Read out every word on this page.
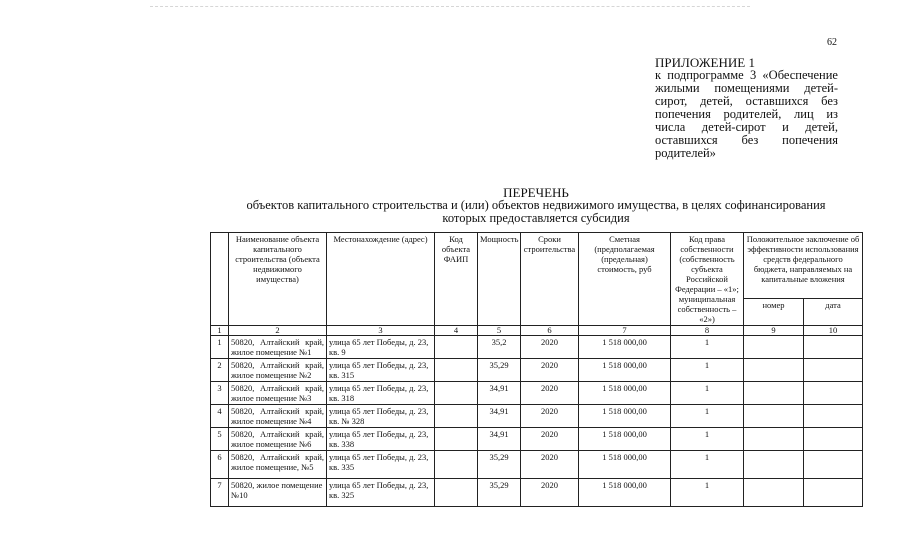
62

ПРИЛОЖЕНИЕ 1

к подпрограмме 3 «Обеспечение жилыми помещениями детей-сирот, детей, оставшихся без попечения родителей, лиц из числа детей-сирот и детей, оставшихся без попечения родителей»

ПЕРЕЧЕНЬ

объектов капитального строительства и (или) объектов недвижимого имущества, в целях софинансирования

которых предоставляется субсидия

	Наименование объекта капитального строительства (объекта недвижимого имущества)	Местонахождение (адрес)	Код объекта ФАИП	Мощность	Сроки строительства	Сметная (предполагаемая (предельная) стоимость, руб	Код права собственности (собственность субъекта Российской Федерации – «1»; муниципальная собственность – «2»)	Положительное заключение об эффективности использования средств федерального бюджета, направляемых на капитальные вложения	
								номер	дата
1	2	3	4	5	6	7	8	9	10
1	50820, Алтайский край, жилое помещение №1	улица 65 лет Победы, д. 23, кв. 9		35,2	2020	1 518 000,00	1		
2	50820, Алтайский край, жилое помещение №2	улица 65 лет Победы, д. 23, кв. 315		35,29	2020	1 518 000,00	1		
3	50820, Алтайский край, жилое помещение №3	улица 65 лет Победы, д. 23, кв. 318		34,91	2020	1 518 000,00	1		
4	50820, Алтайский край, жилое помещение №4	улица 65 лет Победы, д. 23, кв. № 328		34,91	2020	1 518 000,00	1		
5	50820, Алтайский край, жилое помещение №6	улица 65 лет Победы, д. 23, кв. 338		34,91	2020	1 518 000,00	1		
6	50820, Алтайский край, жилое помещение, №5	улица 65 лет Победы, д. 23, кв. 335		35,29	2020	1 518 000,00	1		
7	50820, жилое помещение №10	улица 65 лет Победы, д. 23, кв. 325		35,29	2020	1 518 000,00	1		
